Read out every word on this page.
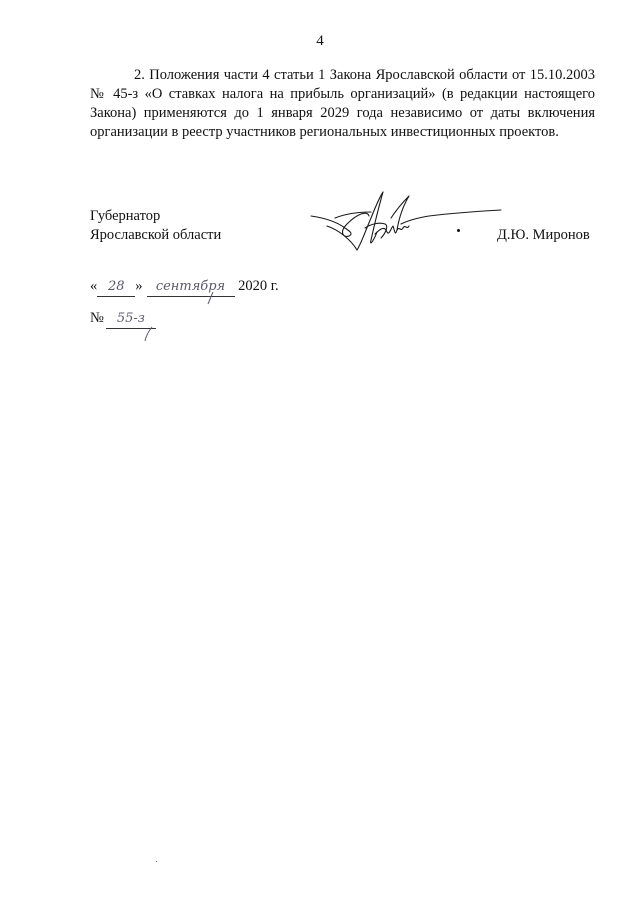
4

2. Положения части 4 статьи 1 Закона Ярославской области от 15.10.2003 № 45-з «О ставках налога на прибыль организаций» (в редакции настоящего Закона) применяются до 1 января 2029 года независимо от даты включения организации в реестр участников региональных инвестиционных проектов.

Губернатор
Ярославской области	Д.Ю. Миронов
« 28 » сентября 2020 г.
№ 55-з
